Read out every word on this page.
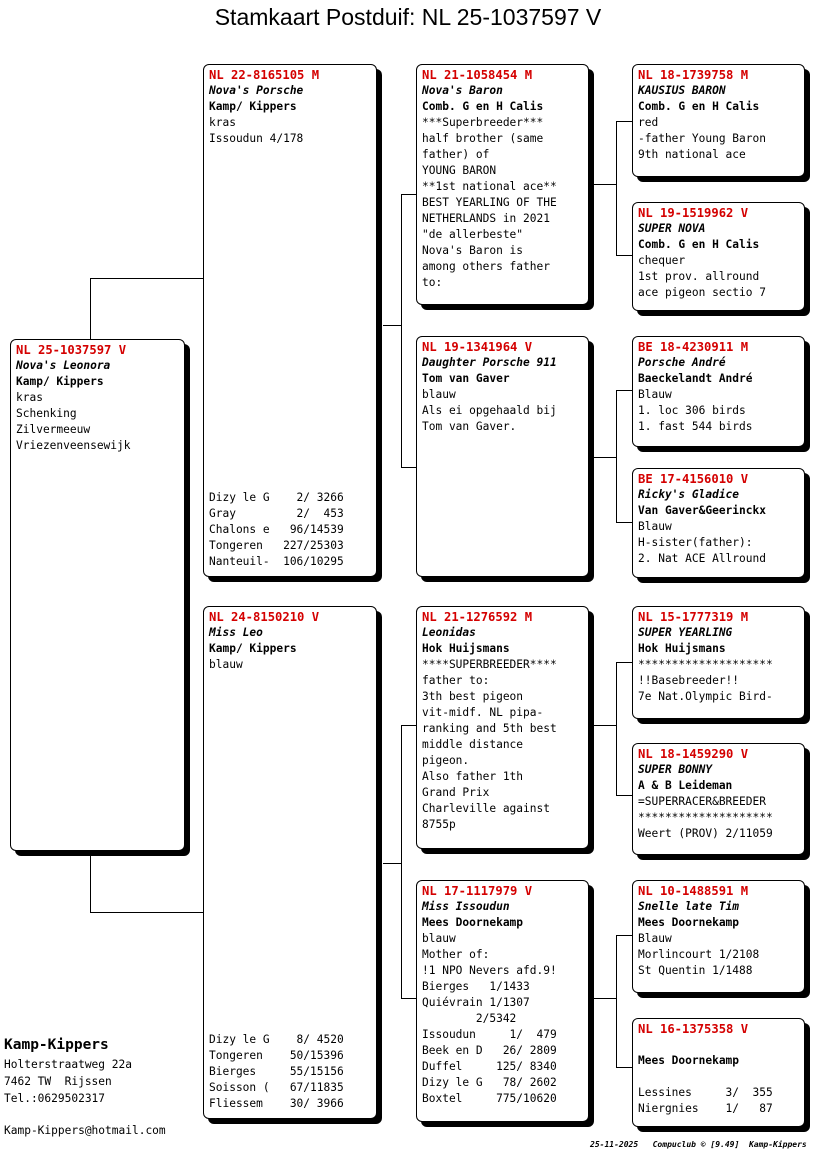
Stamkaart Postduif: NL 25-1037597 V
NL 25-1037597 V
Nova's Leonora
Kamp/ Kippers
kras
Schenking
Zilvermeeuw
Vriezenveensewijk
NL 22-8165105 M
Nova's Porsche
Kamp/ Kippers
kras
Issoudun 4/178
Dizy le G    2/ 3266
Gray         2/  453
Chalons e   96/14539
Tongeren   227/25303
Nanteuil-  106/10295
NL 24-8150210 V
Miss Leo
Kamp/ Kippers
blauw
Dizy le G    8/ 4520
Tongeren    50/15396
Bierges     55/15156
Soisson (   67/11835
Fliessem    30/ 3966
NL 21-1058454 M
Nova's Baron
Comb. G en H Calis
***Superbreeder***
half brother (same
father) of
YOUNG BARON
**1st national ace**
BEST YEARLING OF THE
NETHERLANDS in 2021
"de allerbeste"
Nova's Baron is
among others father
to:
NL 19-1341964 V
Daughter Porsche 911
Tom van Gaver
blauw
Als ei opgehaald bij
Tom van Gaver.
NL 21-1276592 M
Leonidas
Hok Huijsmans
****SUPERBREEDER****
father to:
3th best pigeon
vit-midf. NL pipa-
ranking and 5th best
middle distance
pigeon.
Also father 1th
Grand Prix
Charleville against
8755p
NL 17-1117979 V
Miss Issoudun
Mees Doornekamp
blauw
Mother of:
!1 NPO Nevers afd.9!
Bierges   1/1433
Quiévrain 1/1307
2/5342
Issoudun     1/  479
Beek en D   26/ 2809
Duffel     125/ 8340
Dizy le G   78/ 2602
Boxtel     775/10620
NL 18-1739758 M
KAUSIUS BARON
Comb. G en H Calis
red
-father Young Baron
9th national ace
NL 19-1519962 V
SUPER NOVA
Comb. G en H Calis
chequer
1st prov. allround
ace pigeon sectio 7
BE 18-4230911 M
Porsche André
Baeckelandt André
Blauw
1. loc 306 birds
1. fast 544 birds
BE 17-4156010 V
Ricky's Gladice
Van Gaver&Geerinckx
Blauw
H-sister(father):
2. Nat ACE Allround
NL 15-1777319 M
SUPER YEARLING
Hok Huijsmans
********************
!!Basebreeder!!
7e Nat.Olympic Bird-
NL 18-1459290 V
SUPER BONNY
A & B Leideman
=SUPERRACER&BREEDER
********************
Weert (PROV) 2/11059
NL 10-1488591 M
Snelle late Tim
Mees Doornekamp
Blauw
Morlincourt 1/2108
St Quentin 1/1488
NL 16-1375358 V
Mees Doornekamp
Lessines     3/  355
Niergnies    1/   87
Kamp-Kippers
Holterstraatweg 22a
7462 TW  Rijssen
Tel.:0629502317
Kamp-Kippers@hotmail.com
25-11-2025   Compuclub © [9.49]  Kamp-Kippers
